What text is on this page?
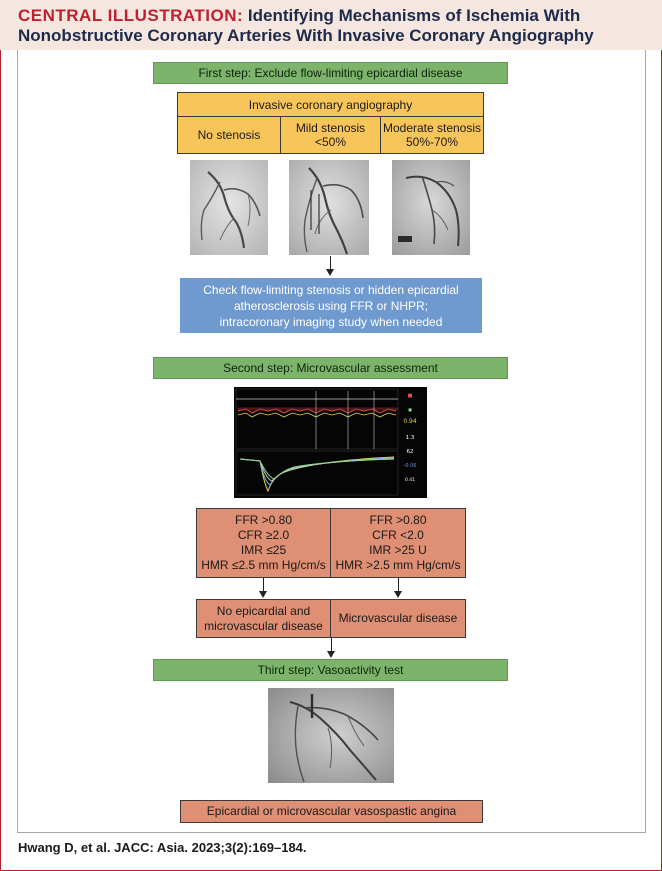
CENTRAL ILLUSTRATION: Identifying Mechanisms of Ischemia With
Nonobstructive Coronary Arteries With Invasive Coronary Angiography
First step: Exclude flow-limiting epicardial disease
Invasive coronary angiography
No stenosis	Mild stenosis
<50%
Moderate stenosis
50%-70%
Check flow-limiting stenosis or hidden epicardial
atherosclerosis using FFR or NHPR;
intracoronary imaging study when needed
Second step: Microvascular assessment
■
■
0.94
1.3
62
-0.06
0.41
FFR >0.80
CFR ≥2.0
IMR ≤25
HMR ≤2.5 mm Hg/cm/s
FFR >0.80
CFR <2.0
IMR >25 U
HMR >2.5 mm Hg/cm/s
No epicardial and
microvascular disease
Microvascular disease
Third step: Vasoactivity test
Epicardial or microvascular vasospastic angina
Hwang D, et al. JACC: Asia. 2023;3(2):169–184.
